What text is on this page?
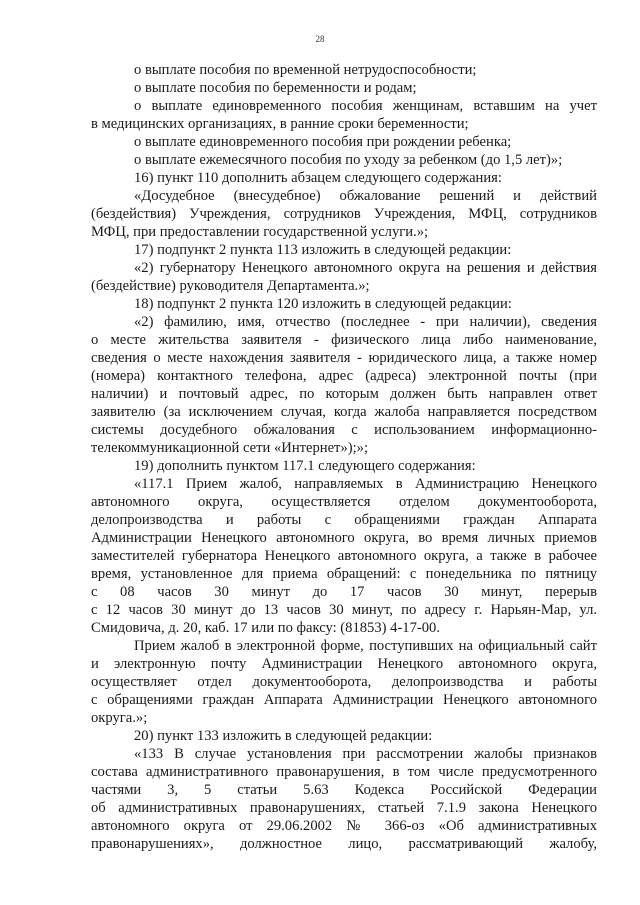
28
о выплате пособия по временной нетрудоспособности;
о выплате пособия по беременности и родам;
о выплате единовременного пособия женщинам, вставшим на учет
в медицинских организациях, в ранние сроки беременности;
о выплате единовременного пособия при рождении ребенка;
о выплате ежемесячного пособия по уходу за ребенком (до 1,5 лет)»;
16) пункт 110 дополнить абзацем следующего содержания:
«Досудебное (внесудебное) обжалование решений и действий
(бездействия) Учреждения, сотрудников Учреждения, МФЦ, сотрудников
МФЦ, при предоставлении государственной услуги.»;
17) подпункт 2 пункта 113 изложить в следующей редакции:
«2) губернатору Ненецкого автономного округа на решения и действия
(бездействие) руководителя Департамента.»;
18) подпункт 2 пункта 120 изложить в следующей редакции:
«2) фамилию, имя, отчество (последнее - при наличии), сведения
о месте жительства заявителя - физического лица либо наименование,
сведения о месте нахождения заявителя - юридического лица, а также номер
(номера) контактного телефона, адрес (адреса) электронной почты (при
наличии) и почтовый адрес, по которым должен быть направлен ответ
заявителю (за исключением случая, когда жалоба направляется посредством
системы досудебного обжалования с использованием информационно-
телекоммуникационной сети «Интернет»);»;
19) дополнить пунктом 117.1 следующего содержания:
«117.1 Прием жалоб, направляемых в Администрацию Ненецкого
автономного округа, осуществляется отделом документооборота,
делопроизводства и работы с обращениями граждан Аппарата
Администрации Ненецкого автономного округа, во время личных приемов
заместителей губернатора Ненецкого автономного округа, а также в рабочее
время, установленное для приема обращений: с понедельника по пятницу
с 08 часов 30 минут до 17 часов 30 минут, перерыв
с 12 часов 30 минут до 13 часов 30 минут, по адресу г. Нарьян-Мар, ул.
Смидовича, д. 20, каб. 17 или по факсу: (81853) 4-17-00.
Прием жалоб в электронной форме, поступивших на официальный сайт
и электронную почту Администрации Ненецкого автономного округа,
осуществляет отдел документооборота, делопроизводства и работы
с обращениями граждан Аппарата Администрации Ненецкого автономного
округа.»;
20) пункт 133 изложить в следующей редакции:
«133 В случае установления при рассмотрении жалобы признаков
состава административного правонарушения, в том числе предусмотренного
частями 3, 5 статьи 5.63 Кодекса Российской Федерации
об административных правонарушениях, статьей 7.1.9 закона Ненецкого
автономного округа от 29.06.2002 № 366-оз «Об административных
правонарушениях», должностное лицо, рассматривающий жалобу,
